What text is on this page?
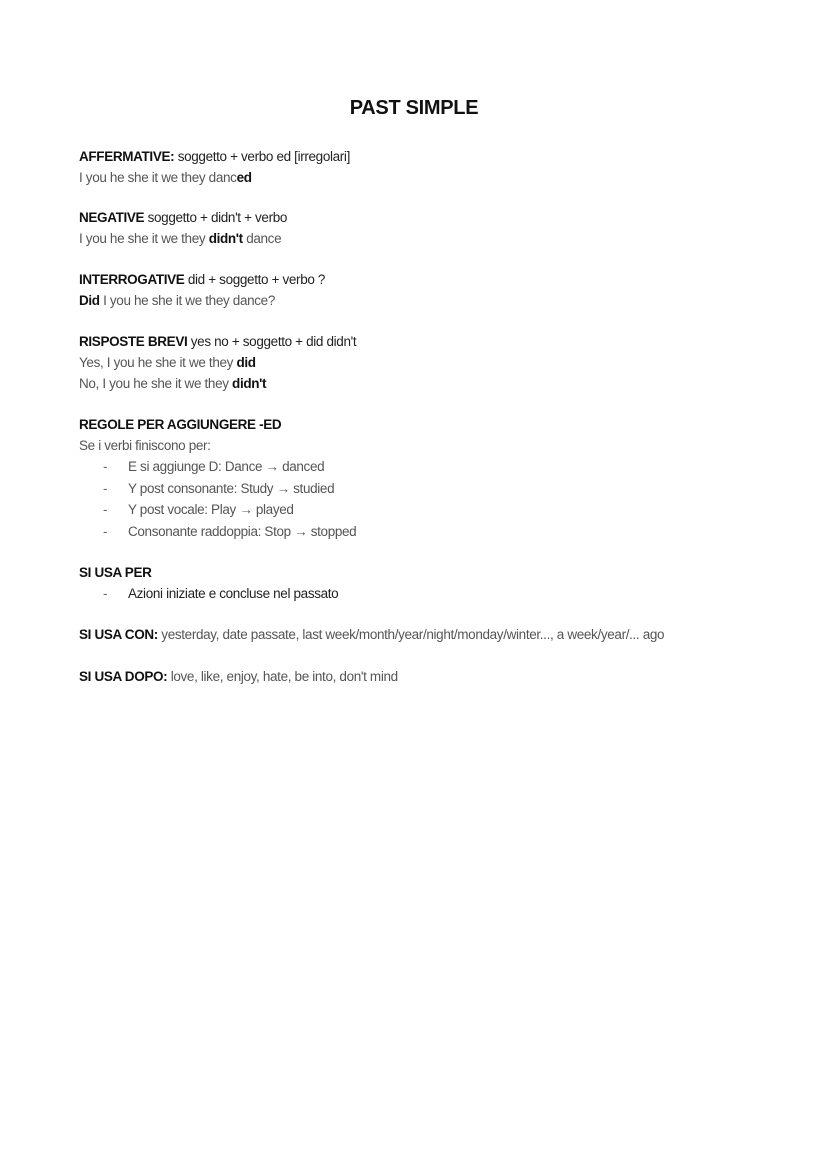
PAST SIMPLE
AFFERMATIVE: soggetto + verbo ed [irregolari]
I you he she it we they danced
NEGATIVE soggetto + didn't + verbo
I you he she it we they didn't dance
INTERROGATIVE did + soggetto + verbo ?
Did I you he she it we they dance?
RISPOSTE BREVI yes no + soggetto + did didn't
Yes, I you he she it we they did
No, I you he she it we they didn't
REGOLE PER AGGIUNGERE -ED
Se i verbi finiscono per:
- E si aggiunge D: Dance → danced
- Y post consonante: Study → studied
- Y post vocale: Play → played
- Consonante raddoppia: Stop → stopped
SI USA PER
- Azioni iniziate e concluse nel passato
SI USA CON: yesterday, date passate, last week/month/year/night/monday/winter..., a week/year/... ago
SI USA DOPO: love, like, enjoy, hate, be into, don't mind
